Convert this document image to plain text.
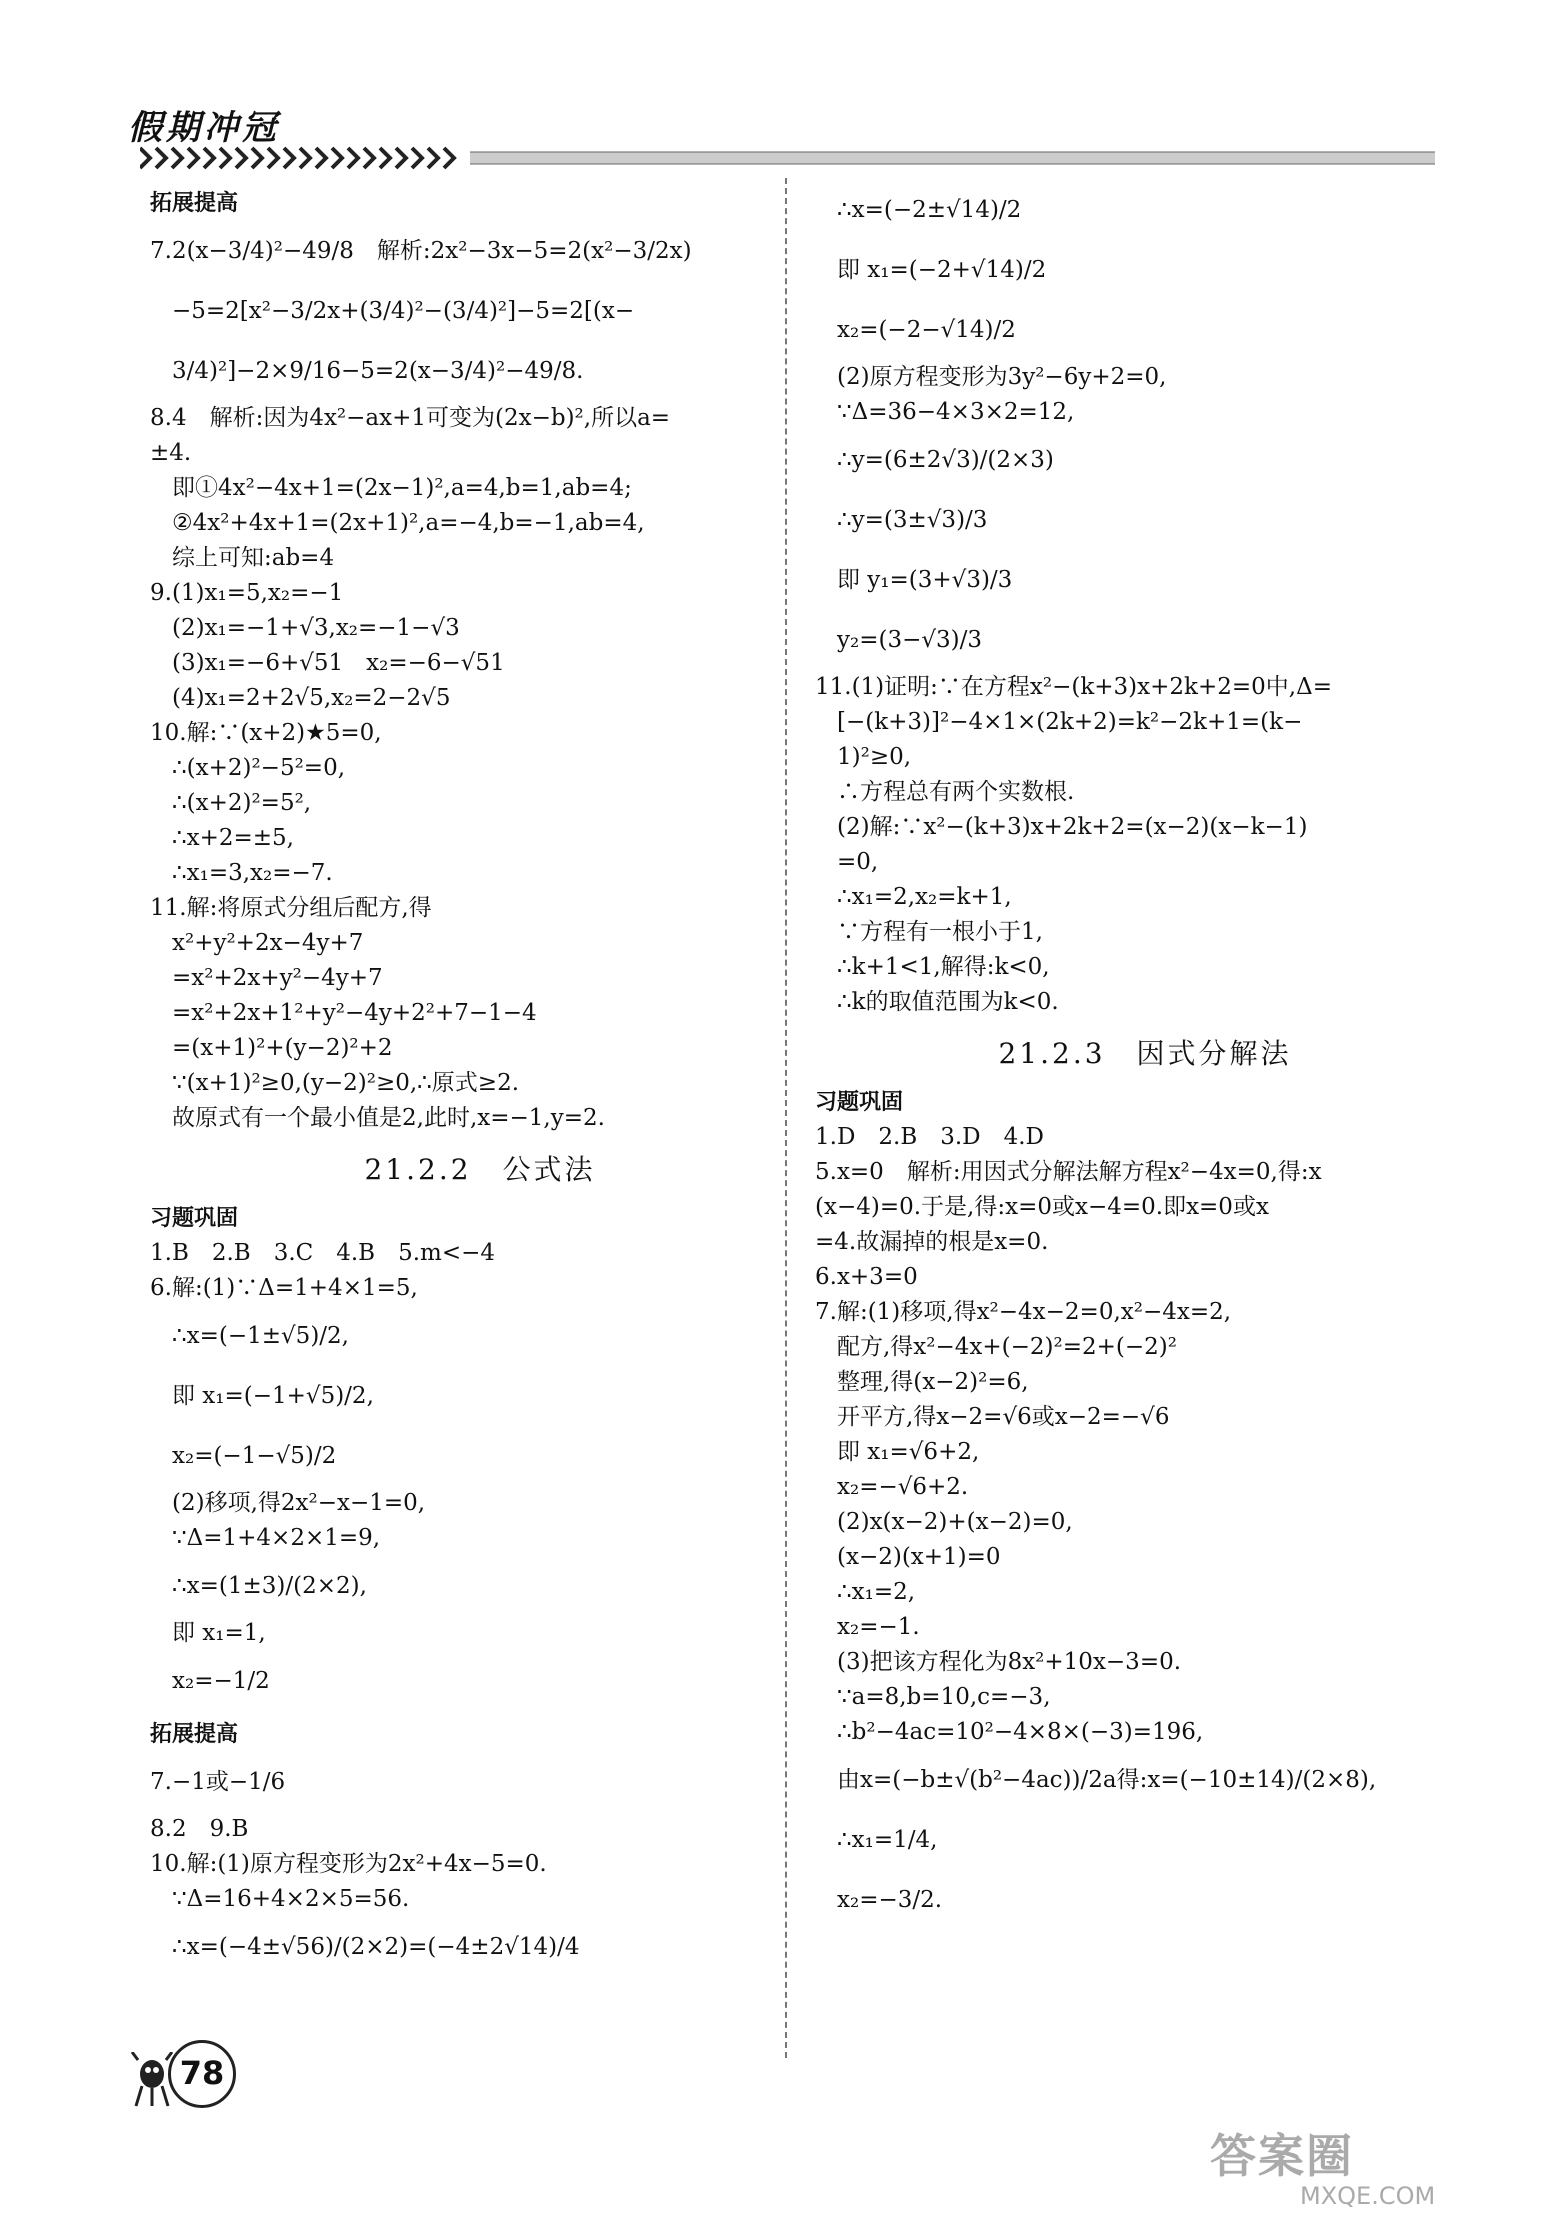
假期冲冠
拓展提高
7.2(x−3/4)²−49/8　解析:2x²−3x−5=2(x²−3/2x)
−5=2[x²−3/2x+(3/4)²−(3/4)²]−5=2[(x−
3/4)²]−2×9/16−5=2(x−3/4)²−49/8.
8.4　解析:因为4x²−ax+1可变为(2x−b)²,所以a=
±4.
即①4x²−4x+1=(2x−1)²,a=4,b=1,ab=4;
②4x²+4x+1=(2x+1)²,a=−4,b=−1,ab=4,
综上可知:ab=4
9.(1)x₁=5,x₂=−1
(2)x₁=−1+√3,x₂=−1−√3
(3)x₁=−6+√51　x₂=−6−√51
(4)x₁=2+2√5,x₂=2−2√5
10.解:∵(x+2)★5=0,
∴(x+2)²−5²=0,
∴(x+2)²=5²,
∴x+2=±5,
∴x₁=3,x₂=−7.
11.解:将原式分组后配方,得
x²+y²+2x−4y+7
=x²+2x+y²−4y+7
=x²+2x+1²+y²−4y+2²+7−1−4
=(x+1)²+(y−2)²+2
∵(x+1)²≥0,(y−2)²≥0,∴原式≥2.
故原式有一个最小值是2,此时,x=−1,y=2.
21.2.2　公式法
习题巩固
1.B　2.B　3.C　4.B　5.m<−4
6.解:(1)∵Δ=1+4×1=5,
∴x=(−1±√5)/2,
即 x₁=(−1+√5)/2,
x₂=(−1−√5)/2
(2)移项,得2x²−x−1=0,
∵Δ=1+4×2×1=9,
∴x=(1±3)/(2×2),
即 x₁=1,
x₂=−1/2
拓展提高
7.−1或−1/6
8.2　9.B
10.解:(1)原方程变形为2x²+4x−5=0.
∵Δ=16+4×2×5=56.
∴x=(−4±√56)/(2×2)=(−4±2√14)/4
∴x=(−2±√14)/2
即 x₁=(−2+√14)/2
x₂=(−2−√14)/2
(2)原方程变形为3y²−6y+2=0,
∵Δ=36−4×3×2=12,
∴y=(6±2√3)/(2×3)
∴y=(3±√3)/3
即 y₁=(3+√3)/3
y₂=(3−√3)/3
11.(1)证明:∵在方程x²−(k+3)x+2k+2=0中,Δ=
[−(k+3)]²−4×1×(2k+2)=k²−2k+1=(k−
1)²≥0,
∴方程总有两个实数根.
(2)解:∵x²−(k+3)x+2k+2=(x−2)(x−k−1)
=0,
∴x₁=2,x₂=k+1,
∵方程有一根小于1,
∴k+1<1,解得:k<0,
∴k的取值范围为k<0.
21.2.3　因式分解法
习题巩固
1.D　2.B　3.D　4.D
5.x=0　解析:用因式分解法解方程x²−4x=0,得:x
(x−4)=0.于是,得:x=0或x−4=0.即x=0或x
=4.故漏掉的根是x=0.
6.x+3=0
7.解:(1)移项,得x²−4x−2=0,x²−4x=2,
配方,得x²−4x+(−2)²=2+(−2)²
整理,得(x−2)²=6,
开平方,得x−2=√6或x−2=−√6
即 x₁=√6+2,
x₂=−√6+2.
(2)x(x−2)+(x−2)=0,
(x−2)(x+1)=0
∴x₁=2,
x₂=−1.
(3)把该方程化为8x²+10x−3=0.
∵a=8,b=10,c=−3,
∴b²−4ac=10²−4×8×(−3)=196,
由x=(−b±√(b²−4ac))/2a得:x=(−10±14)/(2×8),
∴x₁=1/4,
x₂=−3/2.
78
答案圈
MXQE.COM
